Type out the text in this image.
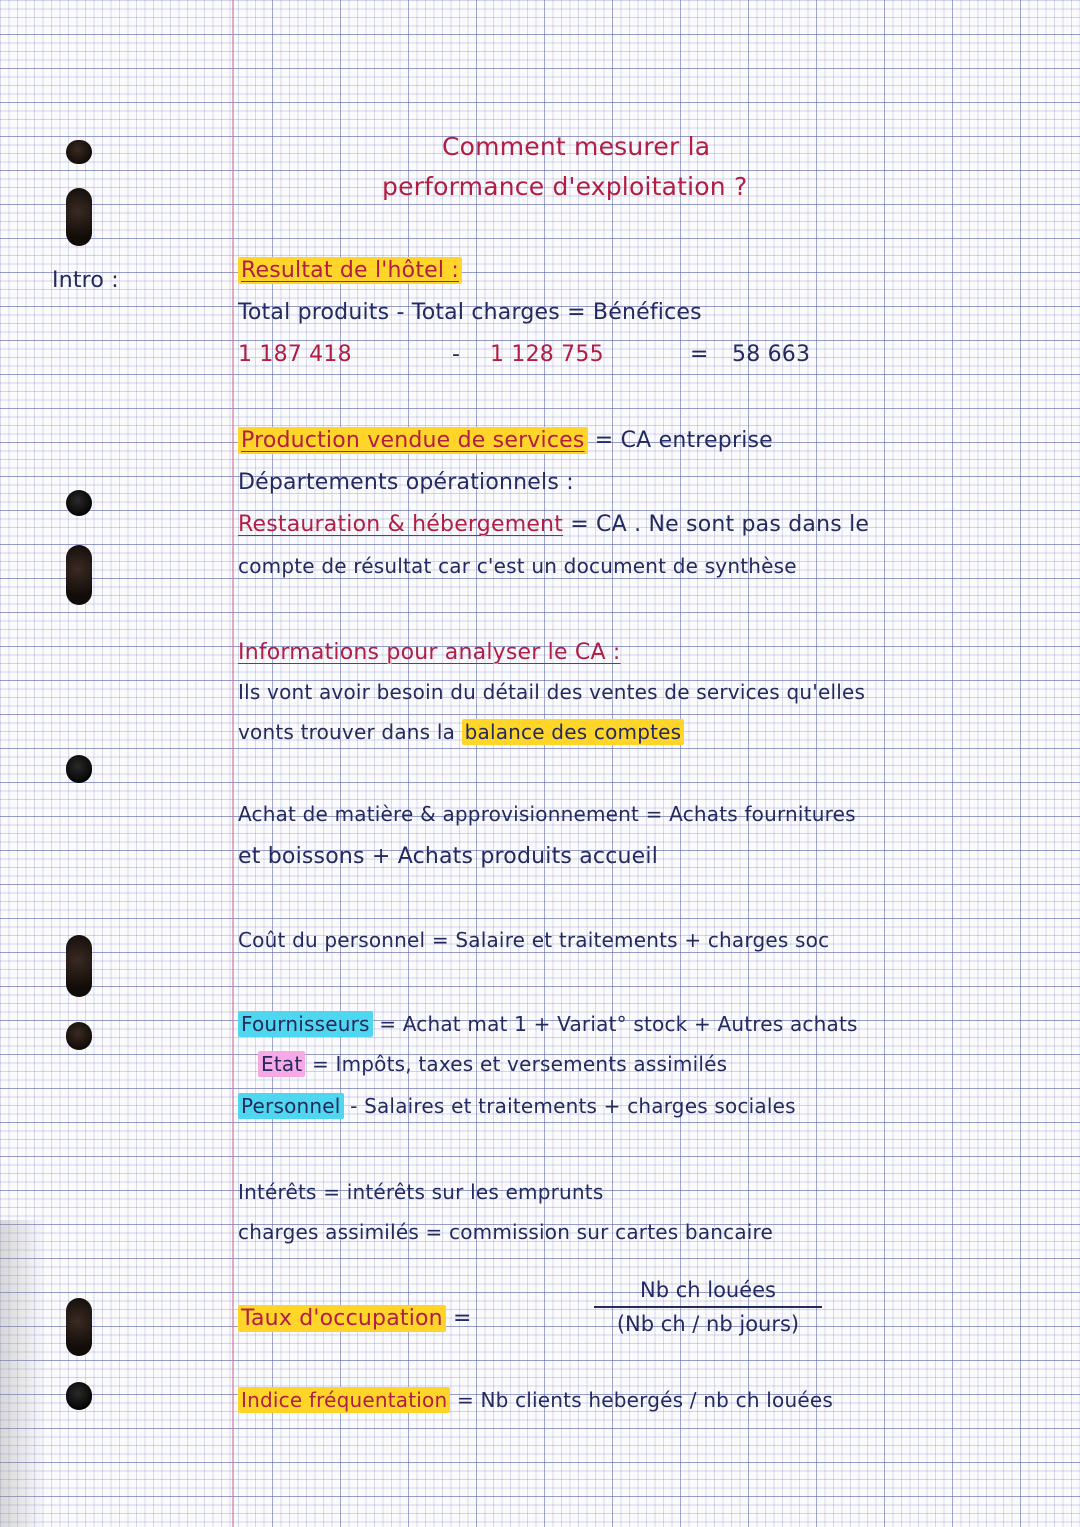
Intro :
Comment mesurer la
performance d'exploitation ?
Resultat de l'hôtel :
Total produits - Total charges = Bénéfices
1 187 418	- 1 128 755	= 58 663
Production vendue de services = CA entreprise
Départements opérationnels :
Restauration & hébergement = CA . Ne sont pas dans le
compte de résultat car c'est un document de synthèse
Informations pour analyser le CA :
Ils vont avoir besoin du détail des ventes de services qu'elles
vonts trouver dans la balance des comptes
Achat de matière & approvisionnement = Achats fournitures
et boissons + Achats produits accueil
Coût du personnel = Salaire et traitements + charges soc
Fournisseurs = Achat mat 1 + Variat° stock + Autres achats
Etat = Impôts, taxes et versements assimilés
Personnel - Salaires et traitements + charges sociales
Intérêts = intérêts sur les emprunts
charges assimilés = commission sur cartes bancaire
Taux d'occupation =
Nb ch louées
(Nb ch / nb jours)
Indice fréquentation = Nb clients hebergés / nb ch louées
